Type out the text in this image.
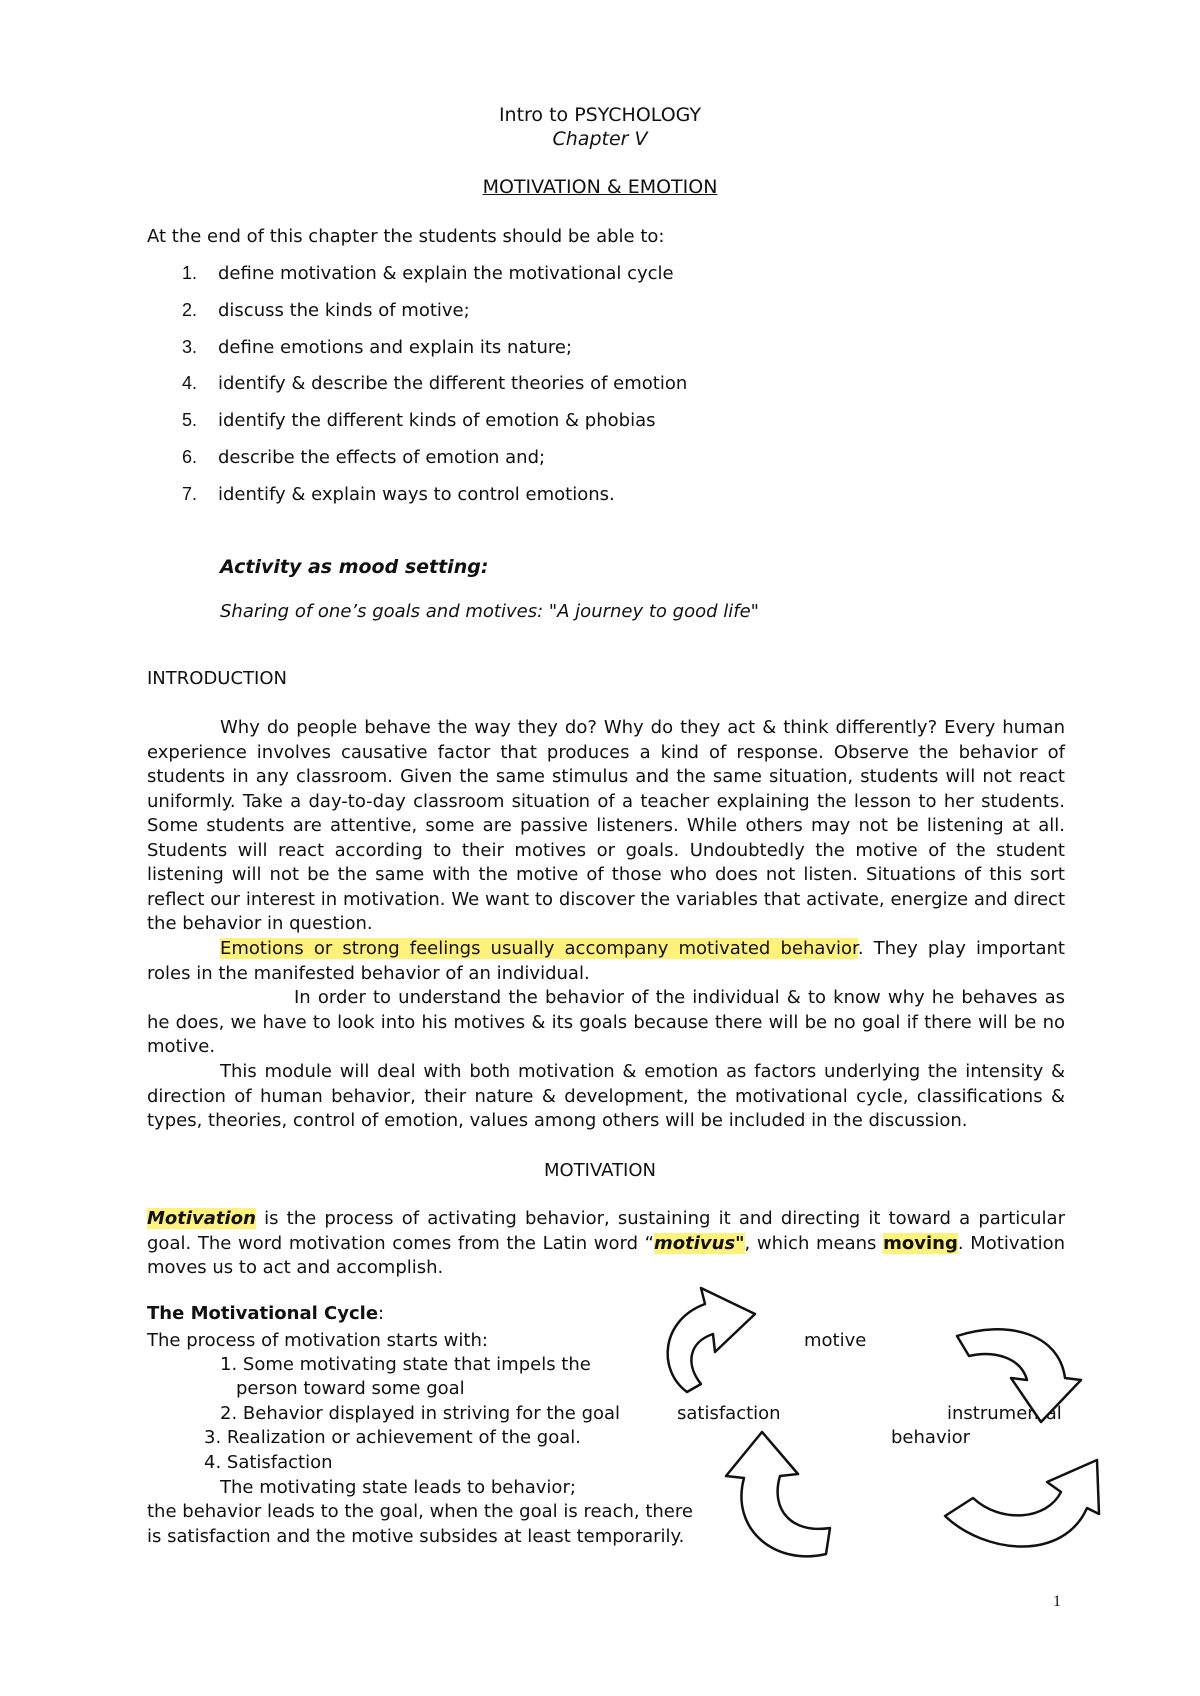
Intro to PSYCHOLOGY
Chapter V
MOTIVATION & EMOTION
At the end of this chapter the students should be able to:
1. define motivation & explain the motivational cycle
2. discuss the kinds of motive;
3. define emotions and explain its nature;
4. identify & describe the different theories of emotion
5. identify the different kinds of emotion & phobias
6. describe the effects of emotion and;
7. identify & explain ways to control emotions.
Activity as mood setting:
Sharing of one’s goals and motives: "A journey to good life"
INTRODUCTION

Why do people behave the way they do? Why do they act & think differently? Every human experience involves causative factor that produces a kind of response. Observe the behavior of students in any classroom. Given the same stimulus and the same situation, students will not react uniformly. Take a day-to-day classroom situation of a teacher explaining the lesson to her students. Some students are attentive, some are passive listeners. While others may not be listening at all. Students will react according to their motives or goals. Undoubtedly the motive of the student listening will not be the same with the motive of those who does not listen. Situations of this sort reflect our interest in motivation. We want to discover the variables that activate, energize and direct the behavior in question.

Emotions or strong feelings usually accompany motivated behavior. They play important roles in the manifested behavior of an individual.

In order to understand the behavior of the individual & to know why he behaves as he does, we have to look into his motives & its goals because there will be no goal if there will be no motive.

This module will deal with both motivation & emotion as factors underlying the intensity & direction of human behavior, their nature & development, the motivational cycle, classifications & types, theories, control of emotion, values among others will be included in the discussion.

MOTIVATION

Motivation is the process of activating behavior, sustaining it and directing it toward a particular goal. The word motivation comes from the Latin word “motivus", which means moving. Motivation moves us to act and accomplish.

The Motivational Cycle:
The process of motivation starts with:
1. Some motivating state that impels the
person toward some goal
2. Behavior displayed in striving for the goal
3. Realization or achievement of the goal.
4. Satisfaction
The motivating state leads to behavior;
the behavior leads to the goal, when the goal is reach, there
is satisfaction and the motive subsides at least temporarily.
motive
satisfaction	instrumental
behavior
1
